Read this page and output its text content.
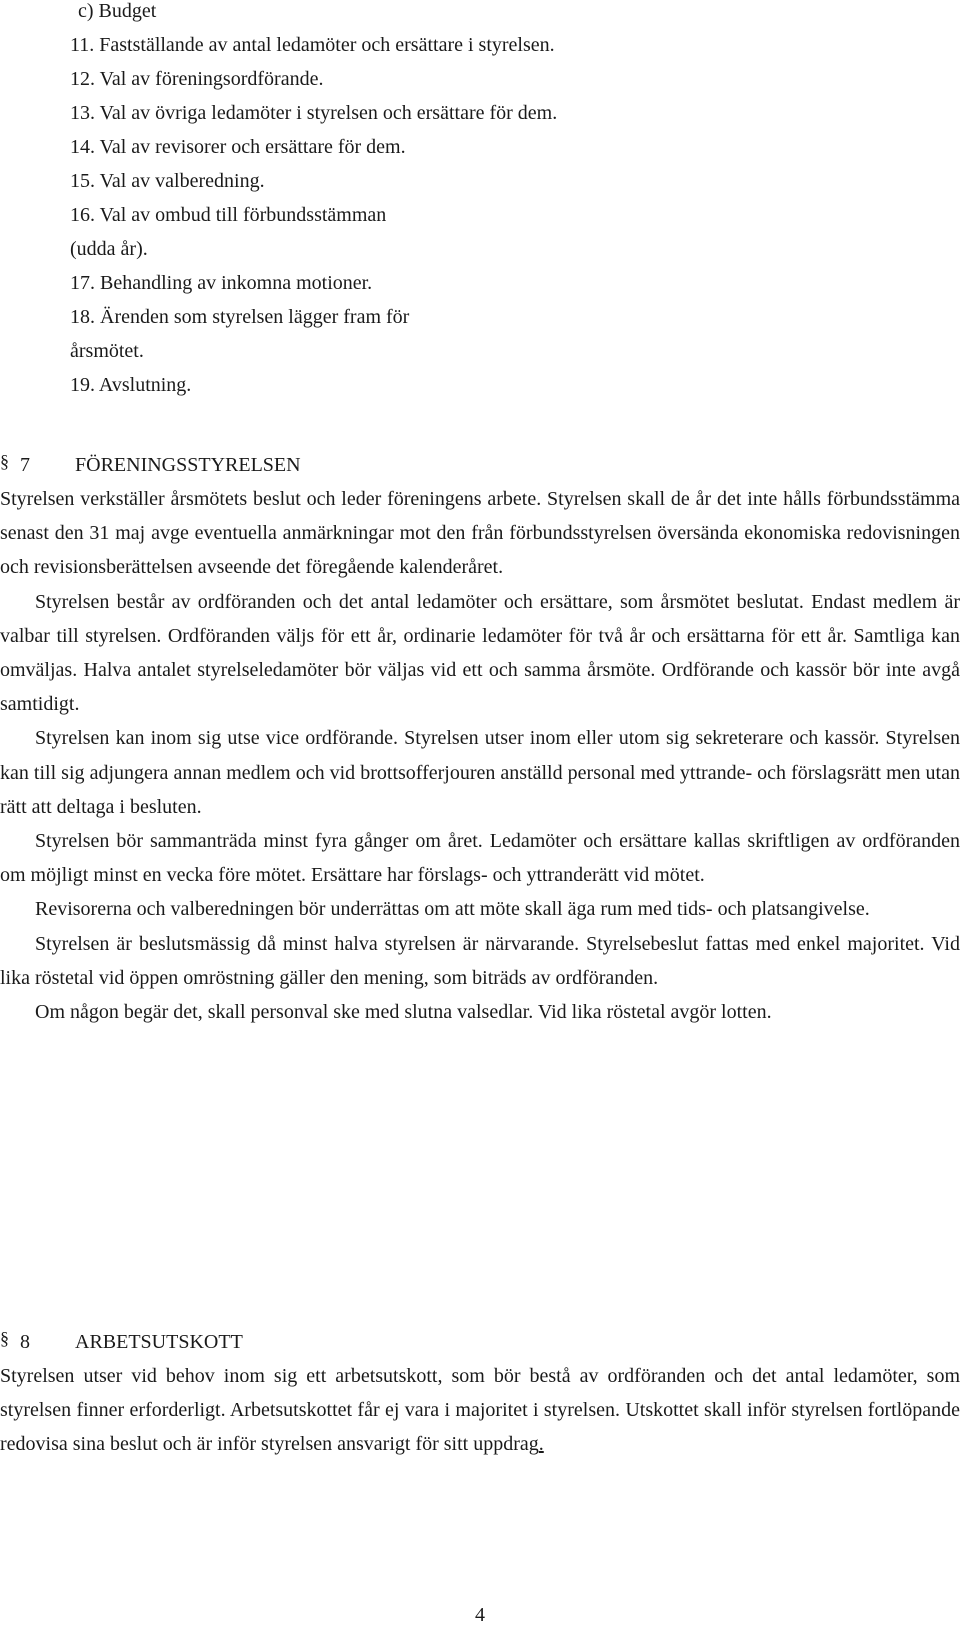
c) Budget
11. Fastställande av antal ledamöter och ersättare i styrelsen.
12. Val av föreningsordförande.
13. Val av övriga ledamöter i styrelsen och ersättare för dem.
14. Val av revisorer och ersättare för dem.
15. Val av valberedning.
16. Val av ombud till förbundsstämman
(udda år).
17. Behandling av inkomna motioner.
18. Ärenden som styrelsen lägger fram för
årsmötet.
19. Avslutning.
§ 7 FÖRENINGSSTYRELSEN

Styrelsen verkställer årsmötets beslut och leder föreningens arbete. Styrelsen skall de år det inte hålls förbundsstämma senast den 31 maj avge eventuella anmärkningar mot den från förbundsstyrelsen översända ekonomiska redovisningen och revisionsberättelsen avseende det föregående kalenderåret.

Styrelsen består av ordföranden och det antal ledamöter och ersättare, som årsmötet beslutat. Endast medlem är valbar till styrelsen. Ordföranden väljs för ett år, ordinarie ledamöter för två år och ersättarna för ett år. Samtliga kan omväljas. Halva antalet styrelseledamöter bör väljas vid ett och samma årsmöte. Ordförande och kassör bör inte avgå samtidigt.

Styrelsen kan inom sig utse vice ordförande. Styrelsen utser inom eller utom sig sekreterare och kassör. Styrelsen kan till sig adjungera annan medlem och vid brottsofferjouren anställd personal med yttrande- och förslagsrätt men utan rätt att deltaga i besluten.

Styrelsen bör sammanträda minst fyra gånger om året. Ledamöter och ersättare kallas skriftligen av ordföranden om möjligt minst en vecka före mötet. Ersättare har förslags- och yttranderätt vid mötet.

Revisorerna och valberedningen bör underrättas om att möte skall äga rum med tids- och platsangivelse.

Styrelsen är beslutsmässig då minst halva styrelsen är närvarande. Styrelsebeslut fattas med enkel majoritet. Vid lika röstetal vid öppen omröstning gäller den mening, som biträds av ordföranden.

Om någon begär det, skall personval ske med slutna valsedlar. Vid lika röstetal avgör lotten.

§ 8 ARBETSUTSKOTT

Styrelsen utser vid behov inom sig ett arbetsutskott, som bör bestå av ordföranden och det antal ledamöter, som styrelsen finner erforderligt. Arbetsutskottet får ej vara i majoritet i styrelsen. Utskottet skall inför styrelsen fortlöpande redovisa sina beslut och är inför styrelsen ansvarigt för sitt uppdrag.

4
